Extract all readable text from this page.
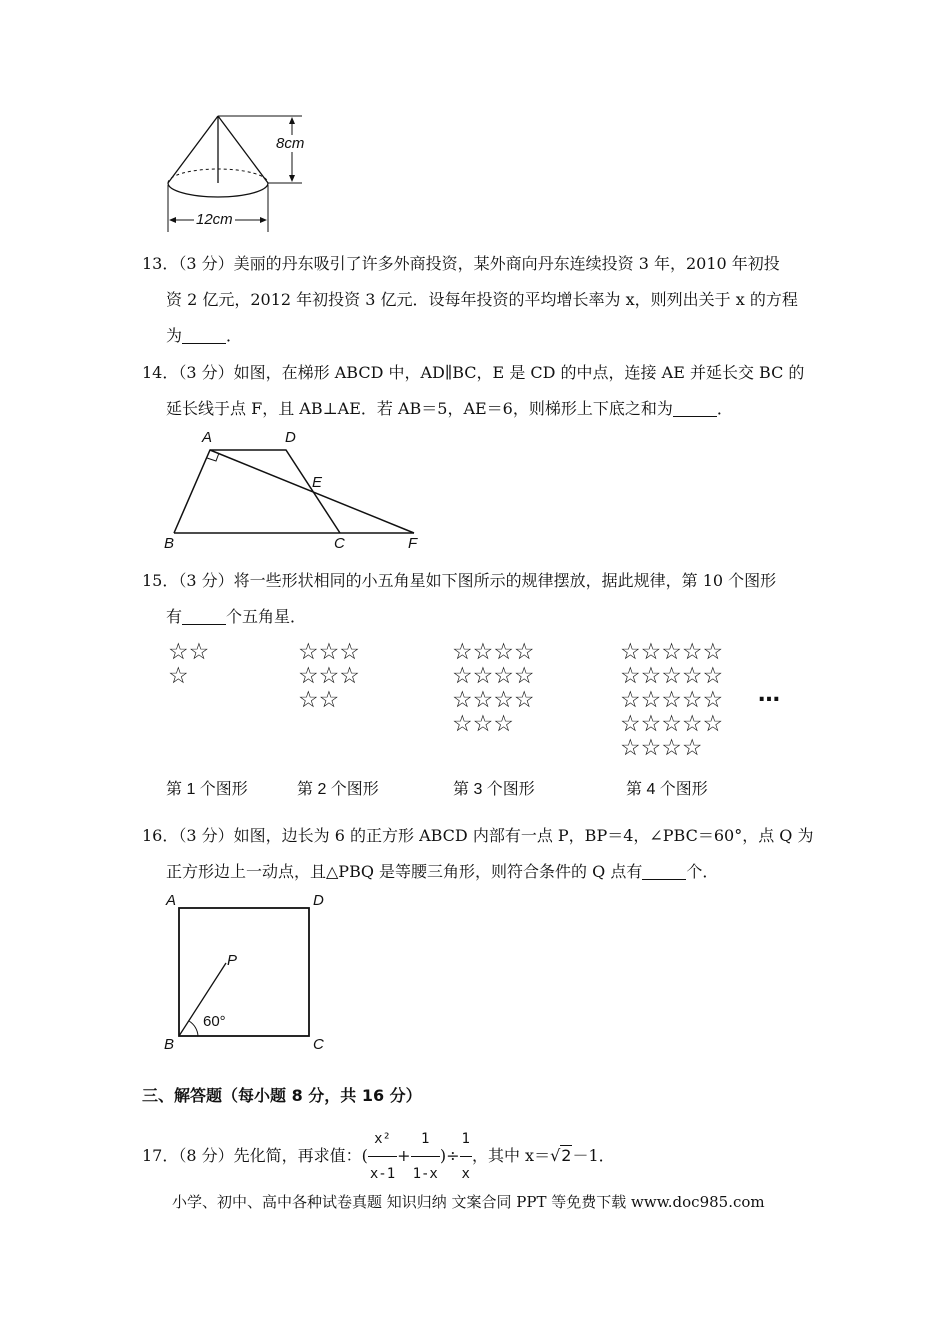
8cm
12cm
13．（3 分）美丽的丹东吸引了许多外商投资，某外商向丹东连续投资 3 年，2010 年初投
资 2 亿元，2012 年初投资 3 亿元．设每年投资的平均增长率为 x，则列出关于 x 的方程
为	．
14．（3 分）如图，在梯形 ABCD 中，AD∥BC，E 是 CD 的中点，连接 AE 并延长交 BC 的
延长线于点 F，且 AB⊥AE．若 AB＝5，AE＝6，则梯形上下底之和为	．
A	D
E
B	C	F
15．（3 分）将一些形状相同的小五角星如下图所示的规律摆放，据此规律，第 10 个图形
有	个五角星．
☆☆
☆
☆☆☆
☆☆☆
☆☆
☆☆☆☆
☆☆☆☆
☆☆☆☆
☆☆☆
☆☆☆☆☆
☆☆☆☆☆
☆☆☆☆☆
☆☆☆☆☆
☆☆☆☆
…
第 1 个图形	第 2 个图形	第 3 个图形	第 4 个图形
16．（3 分）如图，边长为 6 的正方形 ABCD 内部有一点 P，BP＝4，∠PBC＝60°，点 Q 为
正方形边上一动点，且△PBQ 是等腰三角形，则符合条件的 Q 点有	个．
A	D
P
B	C
60°
三、解答题（每小题 8 分，共 16 分）
17．（8 分）先化简，再求值：( $\frac{\text{x²}}{x-1} + \frac{1}{1-x}$ )÷ $\frac{1}{x}$ ，其中 x＝√2－1．
小学、初中、高中各种试卷真题 知识归纳 文案合同 PPT 等免费下载 www.doc985.com
